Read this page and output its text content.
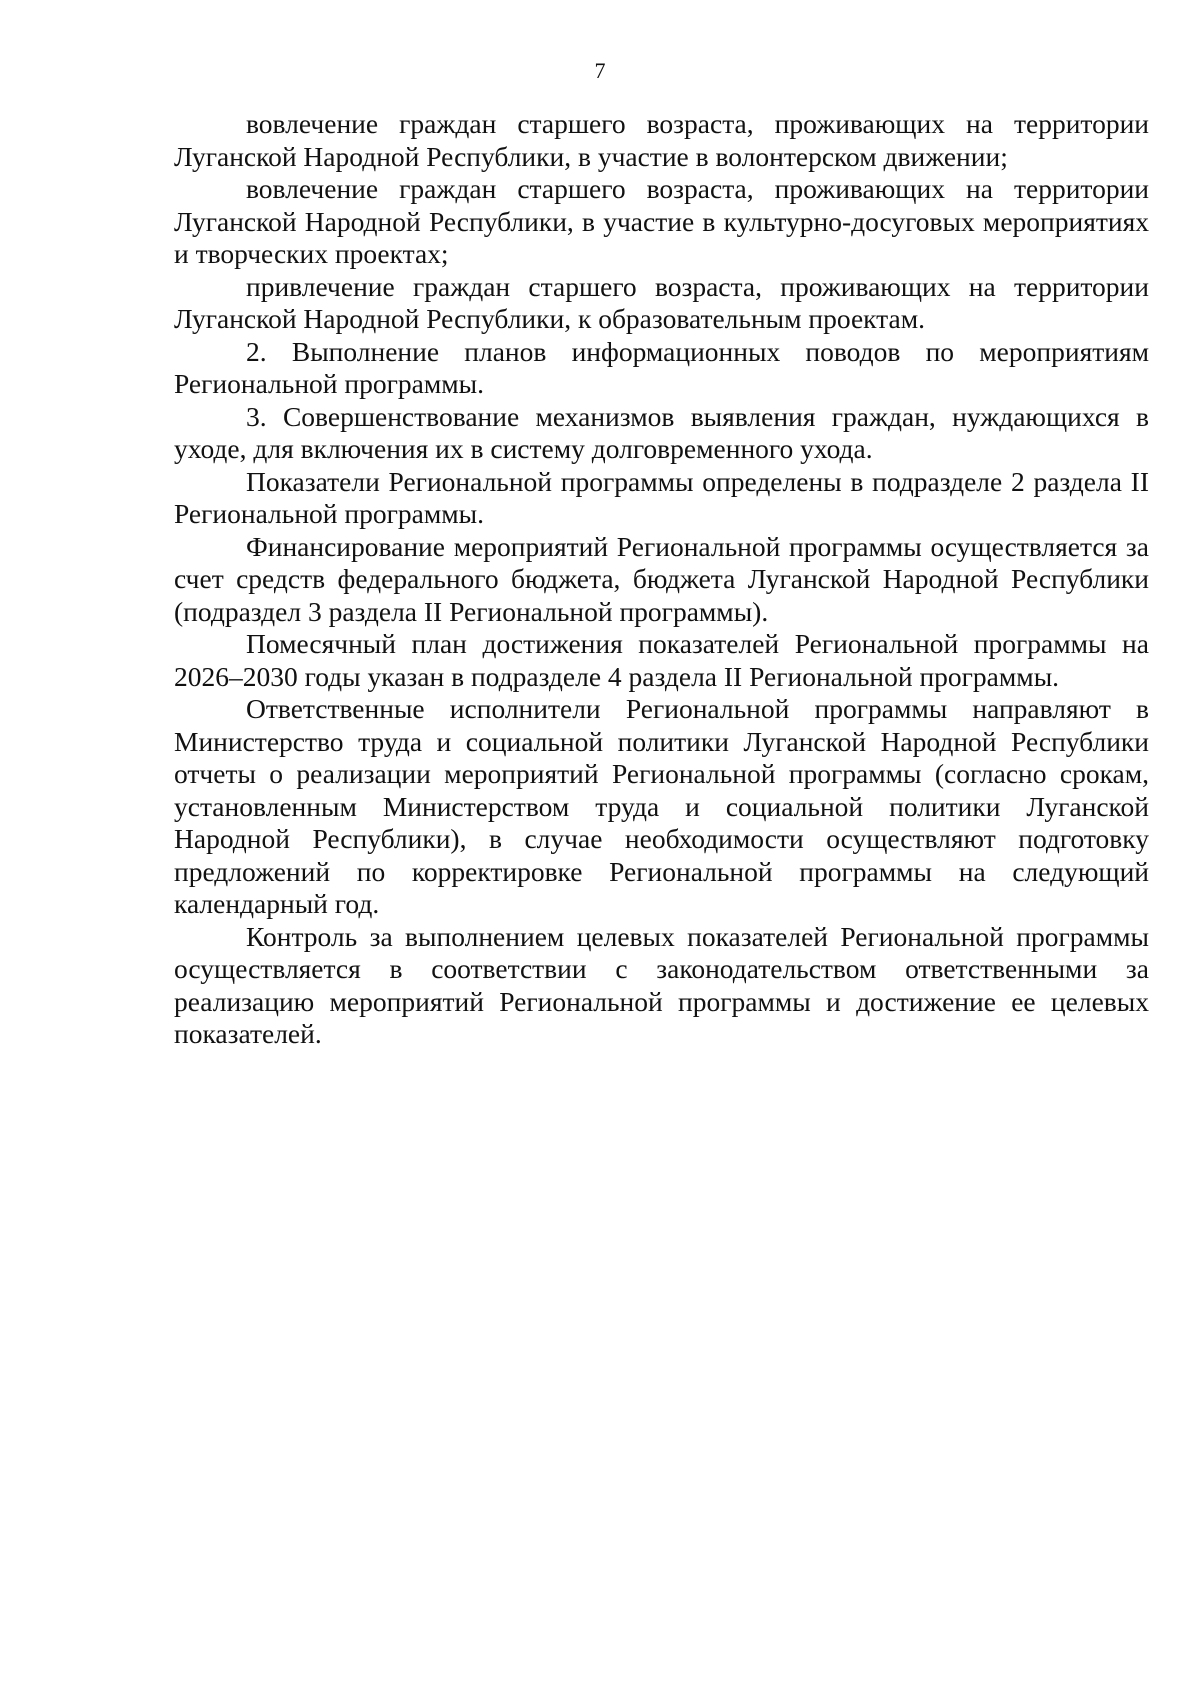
7

вовлечение граждан старшего возраста, проживающих на территории Луганской Народной Республики, в участие в волонтерском движении;

вовлечение граждан старшего возраста, проживающих на территории Луганской Народной Республики, в участие в культурно-досуговых мероприятиях и творческих проектах;

привлечение граждан старшего возраста, проживающих на территории Луганской Народной Республики, к образовательным проектам.

2. Выполнение планов информационных поводов по мероприятиям Региональной программы.

3. Совершенствование механизмов выявления граждан, нуждающихся в уходе, для включения их в систему долговременного ухода.

Показатели Региональной программы определены в подразделе 2 раздела II Региональной программы.

Финансирование мероприятий Региональной программы осуществляется за счет средств федерального бюджета, бюджета Луганской Народной Республики (подраздел 3 раздела II Региональной программы).

Помесячный план достижения показателей Региональной программы на 2026–2030 годы указан в подразделе 4 раздела II Региональной программы.

Ответственные исполнители Региональной программы направляют в Министерство труда и социальной политики Луганской Народной Республики отчеты о реализации мероприятий Региональной программы (согласно срокам, установленным Министерством труда и социальной политики Луганской Народной Республики), в случае необходимости осуществляют подготовку предложений по корректировке Региональной программы на следующий календарный год.

Контроль за выполнением целевых показателей Региональной программы осуществляется в соответствии с законодательством ответственными за реализацию мероприятий Региональной программы и достижение ее целевых показателей.
